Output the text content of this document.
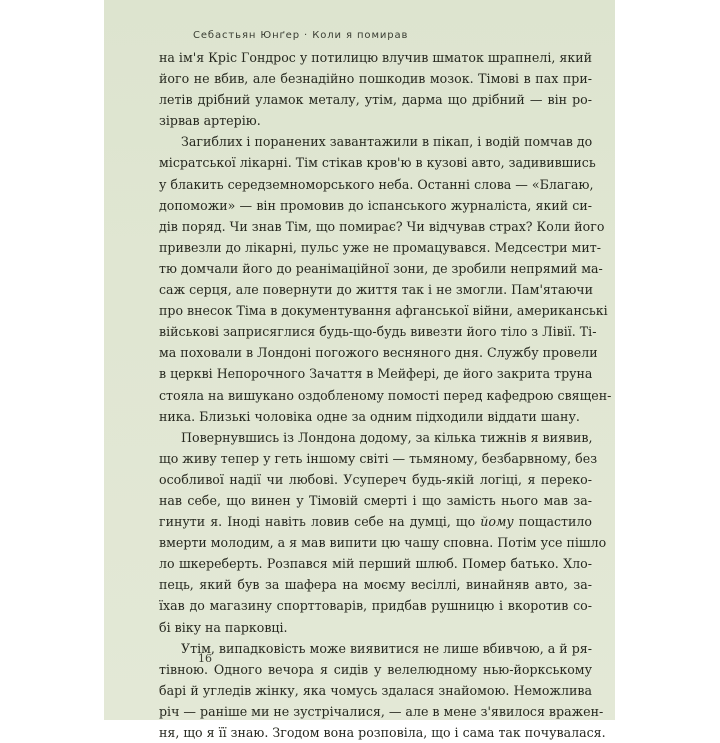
Себастьян Юнґер · Коли я помирав
на ім'я Кріс Гондрос у потилицю влучив шматок шрапнелі, який
його не вбив, але безнадійно пошкодив мозок. Тімові в пах при-
летів дрібний уламок металу, утім, дарма що дрібний — він ро-
зірвав артерію.
Загиблих і поранених завантажили в пікап, і водій помчав до
місратської лікарні. Тім стікав кров'ю в кузові авто, задивившись
у блакить середземноморського неба. Останні слова — «Благаю,
допоможи» — він промовив до іспанського журналіста, який си-
дів поряд. Чи знав Тім, що помирає? Чи відчував страх? Коли його
привезли до лікарні, пульс уже не промацувався. Медсестри мит-
тю домчали його до реанімаційної зони, де зробили непрямий ма-
саж серця, але повернути до життя так і не змогли. Пам'ятаючи
про внесок Тіма в документування афганської війни, американські
військові заприсяглися будь-що-будь вивезти його тіло з Лівії. Ті-
ма поховали в Лондоні погожого весняного дня. Службу провели
в церкві Непорочного Зачаття в Мейфері, де його закрита труна
стояла на вишукано оздобленому помості перед кафедрою священ-
ника. Близькі чоловіка одне за одним підходили віддати шану.
Повернувшись із Лондона додому, за кілька тижнів я виявив,
що живу тепер у геть іншому світі — тьмяному, безбарвному, без
особливої надії чи любові. Усупереч будь-якій логіці, я переко-
нав себе, що винен у Тімовій смерті і що замість нього мав за-
гинути я. Іноді навіть ловив себе на думці, що йому пощастило
вмерти молодим, а я мав випити цю чашу сповна. Потім усе пішло
ло шкереберть. Розпався мій перший шлюб. Помер батько. Хло-
пець, який був за шафера на моєму весіллі, винайняв авто, за-
їхав до магазину спорттоварів, придбав рушницю і вкоротив со-
бі віку на парковці.
Утім, випадковість може виявитися не лише вбивчою, а й ря-
тівною. Одного вечора я сидів у велелюдному нью-йоркському
барі й угледів жінку, яка чомусь здалася знайомою. Неможлива
річ — раніше ми не зустрічалися, — але в мене з'явилося вражен-
ня, що я її знаю. Згодом вона розповіла, що і сама так почувалася.
16
